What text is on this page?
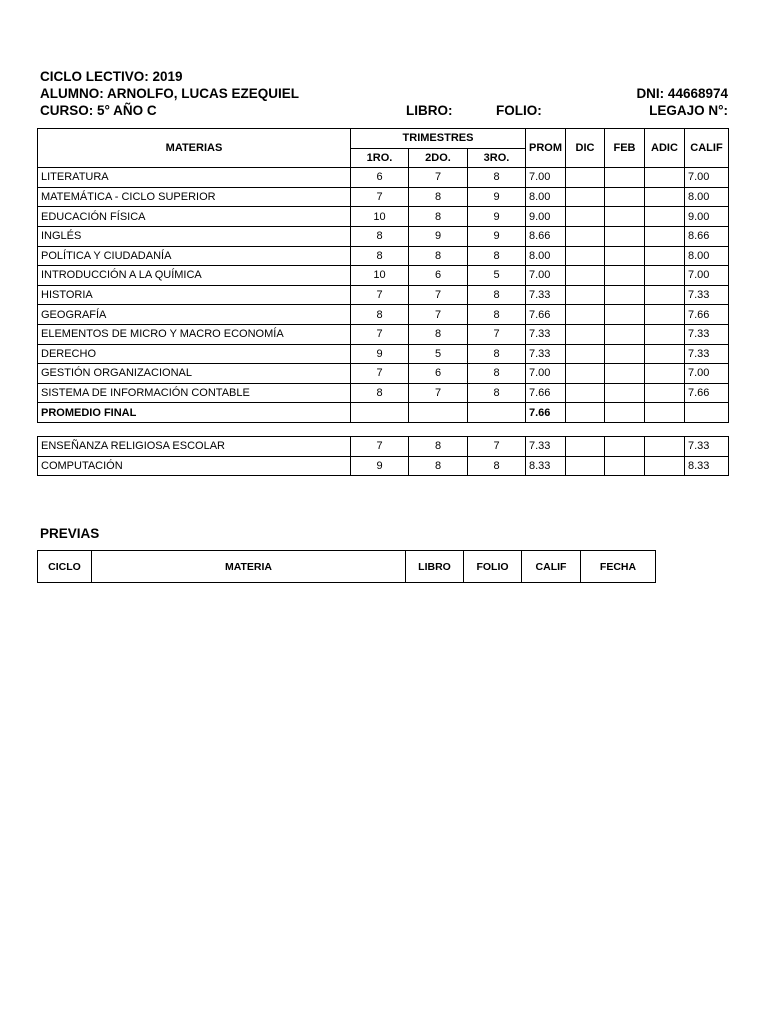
CICLO LECTIVO: 2019
ALUMNO: ARNOLFO, LUCAS EZEQUIEL	DNI: 44668974
CURSO: 5° AÑO C	LIBRO:	FOLIO:	LEGAJO N°:
MATERIAS	TRIMESTRES			PROM	DIC	FEB	ADIC	CALIF
	1RO.	2DO.	3RO.					
LITERATURA	6	7	8	7.00				7.00
MATEMÁTICA - CICLO SUPERIOR	7	8	9	8.00				8.00
EDUCACIÓN FÍSICA	10	8	9	9.00				9.00
INGLÉS	8	9	9	8.66				8.66
POLÍTICA Y CIUDADANÍA	8	8	8	8.00				8.00
INTRODUCCIÓN A LA QUÍMICA	10	6	5	7.00				7.00
HISTORIA	7	7	8	7.33				7.33
GEOGRAFÍA	8	7	8	7.66				7.66
ELEMENTOS DE MICRO Y MACRO ECONOMÍA	7	8	7	7.33				7.33
DERECHO	9	5	8	7.33				7.33
GESTIÓN ORGANIZACIONAL	7	6	8	7.00				7.00
SISTEMA DE INFORMACIÓN CONTABLE	8	7	8	7.66				7.66
PROMEDIO FINAL				7.66				

ENSEÑANZA RELIGIOSA ESCOLAR	7	8	7	7.33				7.33
COMPUTACIÓN	9	8	8	8.33				8.33
PREVIAS
CICLO	MATERIA	LIBRO	FOLIO	CALIF	FECHA
